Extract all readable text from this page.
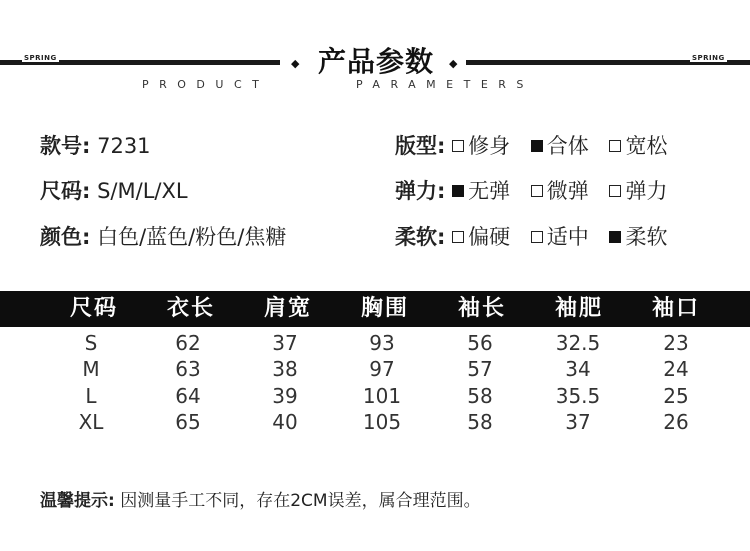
SPRING	SPRING
◆	◆
产品参数
PRODUCT	PARAMETERS
款号: 7231
尺码: S/M/L/XL
颜色: 白色/蓝色/粉色/焦糖
版型: 修身 合体 宽松
弹力: 无弹 微弹 弹力
柔软: 偏硬 适中 柔软
尺码	衣长	肩宽	胸围	袖长	袖肥	袖口
S	62	37	93	56	32.5	23
M	63	38	97	57	34	24
L	64	39	101	58	35.5	25
XL	65	40	105	58	37	26
温馨提示: 因测量手工不同，存在2CM误差，属合理范围。
